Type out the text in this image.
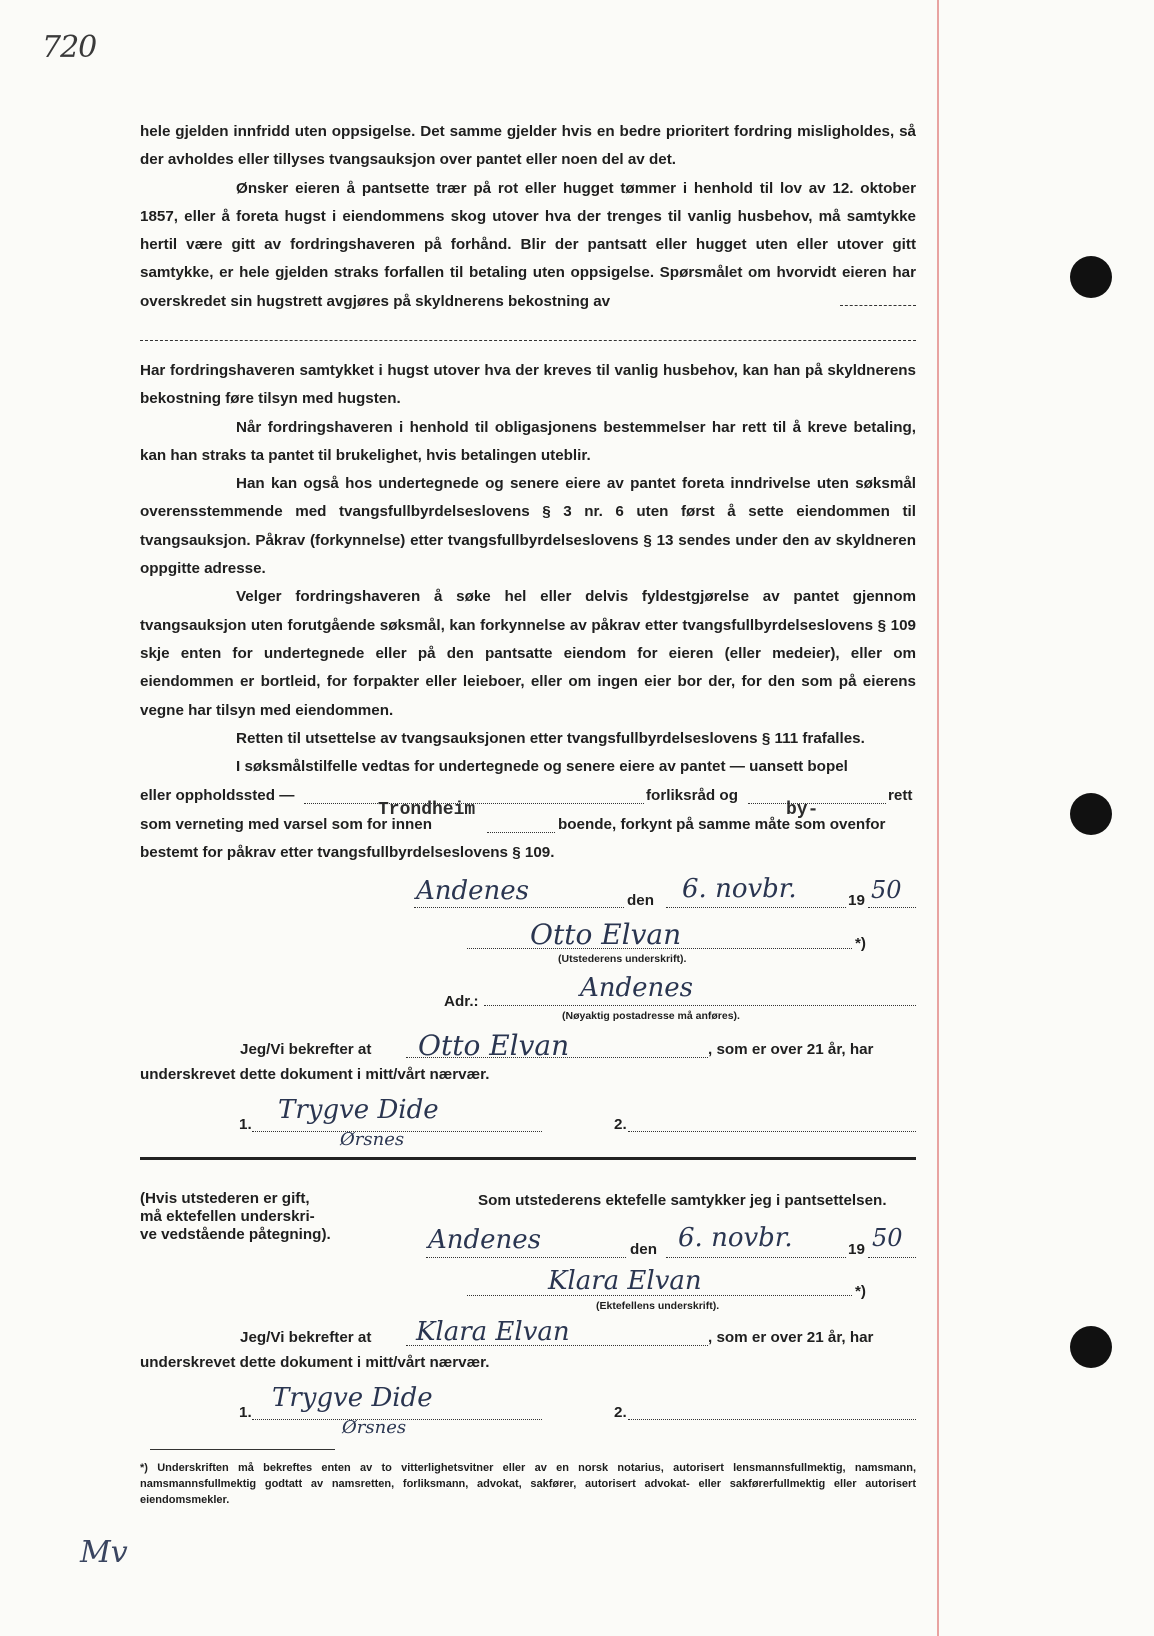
720

hele gjelden innfridd uten oppsigelse. Det samme gjelder hvis en bedre prioritert fordring misligholdes, så der avholdes eller tillyses tvangsauksjon over pantet eller noen del av det.

Ønsker eieren å pantsette trær på rot eller hugget tømmer i henhold til lov av 12. oktober 1857, eller å foreta hugst i eiendommens skog utover hva der trenges til vanlig husbehov, må samtykke hertil være gitt av fordringshaveren på forhånd. Blir der pantsatt eller hugget uten eller utover gitt samtykke, er hele gjelden straks forfallen til betaling uten oppsigelse. Spørsmålet om hvorvidt eieren har overskredet sin hugstrett avgjøres på skyldnerens bekostning av

Har fordringshaveren samtykket i hugst utover hva der kreves til vanlig husbehov, kan han på skyldnerens bekostning føre tilsyn med hugsten.

Når fordringshaveren i henhold til obligasjonens bestemmelser har rett til å kreve betaling, kan han straks ta pantet til brukelighet, hvis betalingen uteblir.

Han kan også hos undertegnede og senere eiere av pantet foreta inndrivelse uten søksmål overensstemmende med tvangsfullbyrdelseslovens § 3 nr. 6 uten først å sette eiendommen til tvangsauksjon. Påkrav (forkynnelse) etter tvangsfullbyrdelseslovens § 13 sendes under den av skyldneren oppgitte adresse.

Velger fordringshaveren å søke hel eller delvis fyldestgjørelse av pantet gjennom tvangsauksjon uten forutgående søksmål, kan forkynnelse av påkrav etter tvangsfullbyrdelseslovens § 109 skje enten for undertegnede eller på den pantsatte eiendom for eieren (eller medeier), eller om eiendommen er bortleid, for forpakter eller leieboer, eller om ingen eier bor der, for den som på eierens vegne har tilsyn med eiendommen.

Retten til utsettelse av tvangsauksjonen etter tvangsfullbyrdelseslovens § 111 frafalles.

I søksmålstilfelle vedtas for undertegnede og senere eiere av pantet — uansett bopel

eller oppholdssted —	forliksråd og	rett
Trondheim	by-
som verneting med varsel som for innen	boende, forkynt på samme måte som ovenfor
bestemt for påkrav etter tvangsfullbyrdelseslovens § 109.
Andenes	den 6. novbr.	19 50
Otto Elvan	*)
(Utstederens underskrift).
Adr.:	Andenes
(Nøyaktig postadresse må anføres).
Jeg/Vi bekrefter at Otto Elvan	, som er over 21 år, har
underskrevet dette dokument i mitt/vårt nærvær.
1. Trygve Dide
Ørsnes
2.
(Hvis utstederen er gift,
må ektefellen underskri-
ve vedstående påtegning).
Som utstederens ektefelle samtykker jeg i pantsettelsen.
Andenes	den 6. novbr.	19 50
Klara Elvan	*)
(Ektefellens underskrift).
Jeg/Vi bekrefter at Klara Elvan	, som er over 21 år, har
underskrevet dette dokument i mitt/vårt nærvær.
1. Trygve Dide
Ørsnes
2.
*) Underskriften må bekreftes enten av to vitterlighetsvitner eller av en norsk notarius, autorisert lensmannsfullmektig, namsmann, namsmannsfullmektig godtatt av namsretten, forliksmann, advokat, sakfører, autorisert advokat- eller sakførerfullmektig eller autorisert eiendomsmekler.
Mv
